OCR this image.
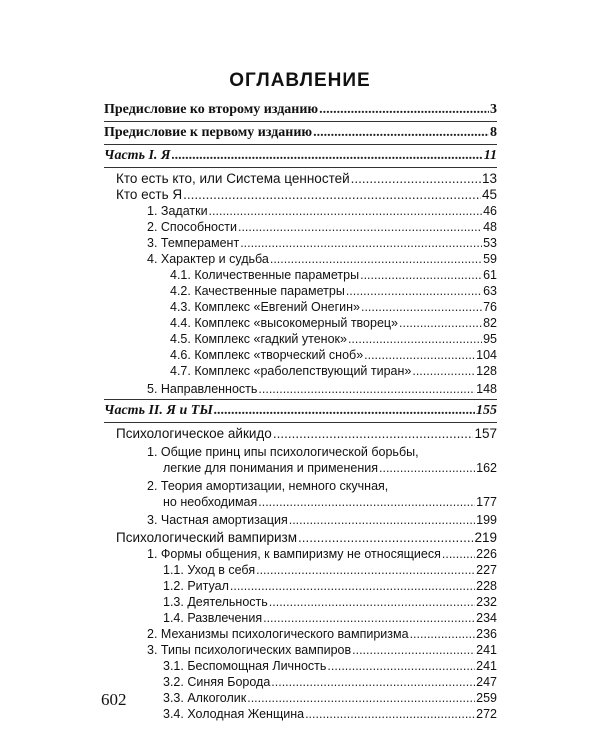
ОГЛАВЛЕНИЕ
Предисловие ко второму изданию .....	3
Предисловие к первому изданию .....	8
Часть I. Я .....	11
Кто есть кто, или Система ценностей .....	13
Кто есть Я .....	45
1. Задатки .....	46
2. Способности .....	48
3. Темперамент .....	53
4. Характер и судьба .....	59
4.1. Количественные параметры .....	61
4.2. Качественные параметры .....	63
4.3. Комплекс «Евгений Онегин» .....	76
4.4. Комплекс «высокомерный творец» .....	82
4.5. Комплекс «гадкий утенок» .....	95
4.6. Комплекс «творческий сноб» .....	104
4.7. Комплекс «раболепствующий тиран» .....	128
5. Направленность .....	148
Часть II. Я и ТЫ .....	155
Психологическое айкидо .....	157
1. Общие принц ипы психологической борьбы,
легкие для понимания и применения .....	162
2. Теория амортизации, немного скучная,
но необходимая .....	177
3. Частная амортизация .....	199
Психологический вампиризм .....	219
1. Формы общения, к вампиризму не относящиеся .....	226
1.1. Уход в себя .....	227
1.2. Ритуал .....	228
1.3. Деятельность .....	232
1.4. Развлечения .....	234
2. Механизмы психологического вампиризма .....	236
3. Типы психологических вампиров .....	241
3.1. Беспомощная Личность .....	241
3.2. Синяя Борода .....	247
3.3. Алкоголик .....	259
3.4. Холодная Женщина .....	272
602
